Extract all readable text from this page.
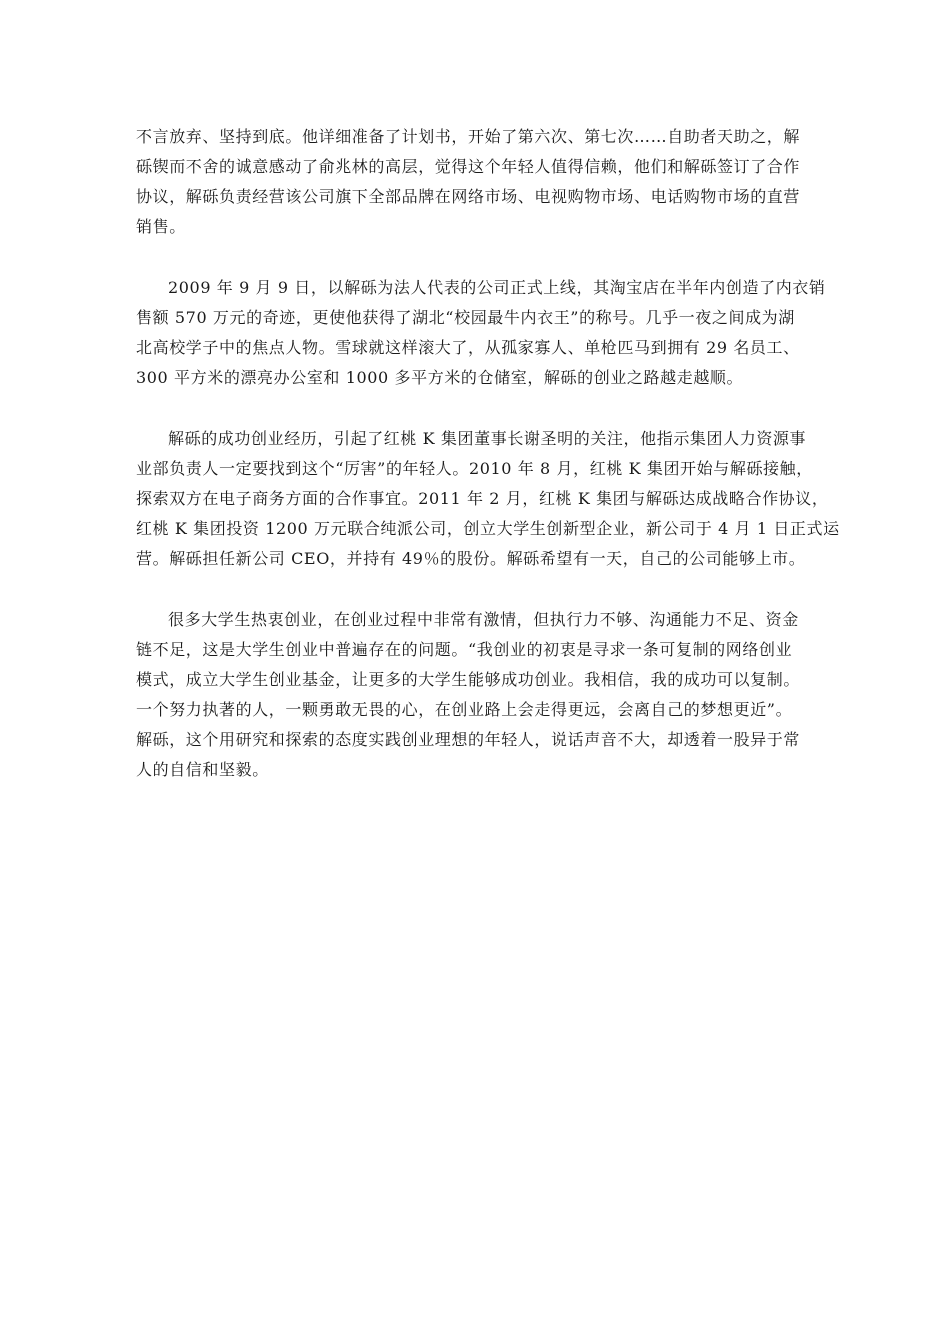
不言放弃、坚持到底。他详细准备了计划书，开始了第六次、第七次……自助者天助之，解
砾锲而不舍的诚意感动了俞兆林的高层，觉得这个年轻人值得信赖，他们和解砾签订了合作
协议，解砾负责经营该公司旗下全部品牌在网络市场、电视购物市场、电话购物市场的直营
销售。
2009 年 9 月 9 日，以解砾为法人代表的公司正式上线，其淘宝店在半年内创造了内衣销
售额 570 万元的奇迹，更使他获得了湖北“校园最牛内衣王”的称号。几乎一夜之间成为湖
北高校学子中的焦点人物。雪球就这样滚大了，从孤家寡人、单枪匹马到拥有 29 名员工、
300 平方米的漂亮办公室和 1000 多平方米的仓储室，解砾的创业之路越走越顺。
解砾的成功创业经历，引起了红桃 K 集团董事长谢圣明的关注，他指示集团人力资源事
业部负责人一定要找到这个“厉害”的年轻人。2010 年 8 月，红桃 K 集团开始与解砾接触，
探索双方在电子商务方面的合作事宜。2011 年 2 月，红桃 K 集团与解砾达成战略合作协议，
红桃 K 集团投资 1200 万元联合纯派公司，创立大学生创新型企业，新公司于 4 月 1 日正式运
营。解砾担任新公司 CEO，并持有 49％的股份。解砾希望有一天，自己的公司能够上市。
很多大学生热衷创业，在创业过程中非常有激情，但执行力不够、沟通能力不足、资金
链不足，这是大学生创业中普遍存在的问题。“我创业的初衷是寻求一条可复制的网络创业
模式，成立大学生创业基金，让更多的大学生能够成功创业。我相信，我的成功可以复制。
一个努力执著的人，一颗勇敢无畏的心，在创业路上会走得更远，会离自己的梦想更近”。
解砾，这个用研究和探索的态度实践创业理想的年轻人，说话声音不大，却透着一股异于常
人的自信和坚毅。
